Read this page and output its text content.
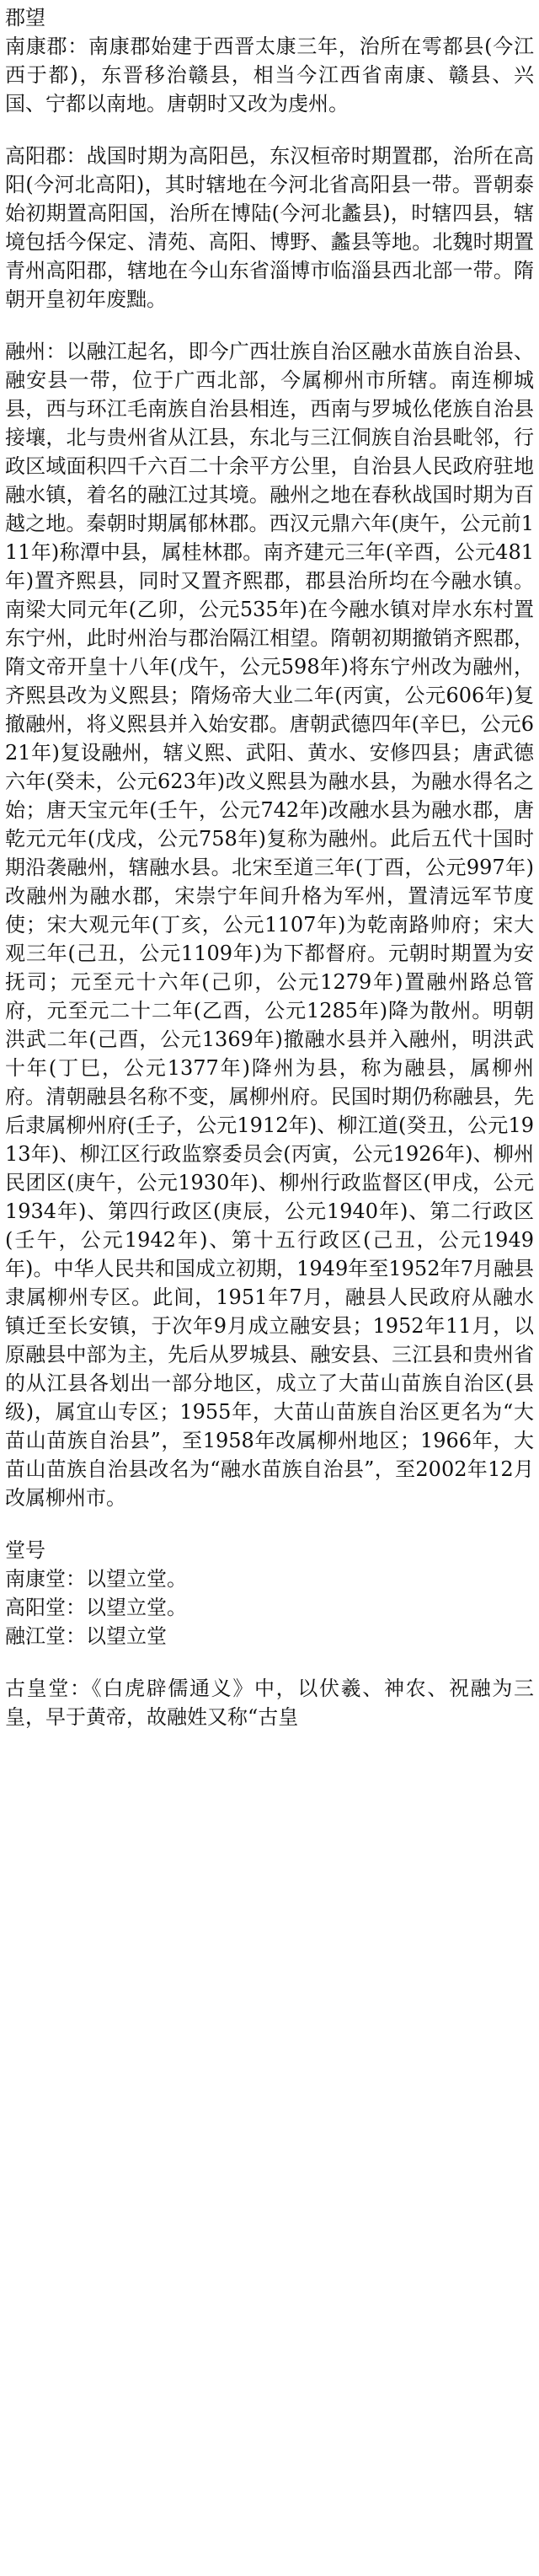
郡望

南康郡：南康郡始建于西晋太康三年，治所在雩都县(今江西于都)，东晋移治赣县，相当今江西省南康、赣县、兴国、宁都以南地。唐朝时又改为虔州。

高阳郡：战国时期为高阳邑，东汉桓帝时期置郡，治所在高阳(今河北高阳)，其时辖地在今河北省高阳县一带。晋朝泰始初期置高阳国，治所在博陆(今河北蠡县)，时辖四县，辖境包括今保定、清苑、高阳、博野、蠡县等地。北魏时期置青州高阳郡，辖地在今山东省淄博市临淄县西北部一带。隋朝开皇初年废黜。

融州：以融江起名，即今广西壮族自治区融水苗族自治县、融安县一带，位于广西北部，今属柳州市所辖。南连柳城县，西与环江毛南族自治县相连，西南与罗城仫佬族自治县接壤，北与贵州省从江县，东北与三江侗族自治县毗邻，行政区域面积四千六百二十余平方公里，自治县人民政府驻地融水镇，着名的融江过其境。融州之地在春秋战国时期为百越之地。秦朝时期属郁林郡。西汉元鼎六年(庚午，公元前111年)称潭中县，属桂林郡。南齐建元三年(辛酉，公元481年)置齐熙县，同时又置齐熙郡，郡县治所均在今融水镇。南梁大同元年(乙卯，公元535年)在今融水镇对岸水东村置东宁州，此时州治与郡治隔江相望。隋朝初期撤销齐熙郡，隋文帝开皇十八年(戊午，公元598年)将东宁州改为融州，齐熙县改为义熙县；隋炀帝大业二年(丙寅，公元606年)复撤融州，将义熙县并入始安郡。唐朝武德四年(辛巳，公元621年)复设融州，辖义熙、武阳、黄水、安修四县；唐武德六年(癸未，公元623年)改义熙县为融水县，为融水得名之始；唐天宝元年(壬午，公元742年)改融水县为融水郡，唐乾元元年(戊戌，公元758年)复称为融州。此后五代十国时期沿袭融州，辖融水县。北宋至道三年(丁酉，公元997年)改融州为融水郡，宋崇宁年间升格为军州，置清远军节度使；宋大观元年(丁亥，公元1107年)为乾南路帅府；宋大观三年(己丑，公元1109年)为下都督府。元朝时期置为安抚司；元至元十六年(己卯，公元1279年)置融州路总管府，元至元二十二年(乙酉，公元1285年)降为散州。明朝洪武二年(己酉，公元1369年)撤融水县并入融州，明洪武十年(丁巳，公元1377年)降州为县，称为融县，属柳州府。清朝融县名称不变，属柳州府。民国时期仍称融县，先后隶属柳州府(壬子，公元1912年)、柳江道(癸丑，公元1913年)、柳江区行政监察委员会(丙寅，公元1926年)、柳州民团区(庚午，公元1930年)、柳州行政监督区(甲戌，公元1934年)、第四行政区(庚辰，公元1940年)、第二行政区(壬午，公元1942年)、第十五行政区(己丑，公元1949年)。中华人民共和国成立初期，1949年至1952年7月融县隶属柳州专区。此间，1951年7月，融县人民政府从融水镇迁至长安镇，于次年9月成立融安县；1952年11月，以原融县中部为主，先后从罗城县、融安县、三江县和贵州省的从江县各划出一部分地区，成立了大苗山苗族自治区(县级)，属宜山专区；1955年，大苗山苗族自治区更名为“大苗山苗族自治县”，至1958年改属柳州地区；1966年，大苗山苗族自治县改名为“融水苗族自治县”，至2002年12月改属柳州市。

堂号

南康堂：以望立堂。

高阳堂：以望立堂。

融江堂：以望立堂

古皇堂：《白虎辟儒通义》中，以伏羲、神农、祝融为三皇，早于黄帝，故融姓又称“古皇
